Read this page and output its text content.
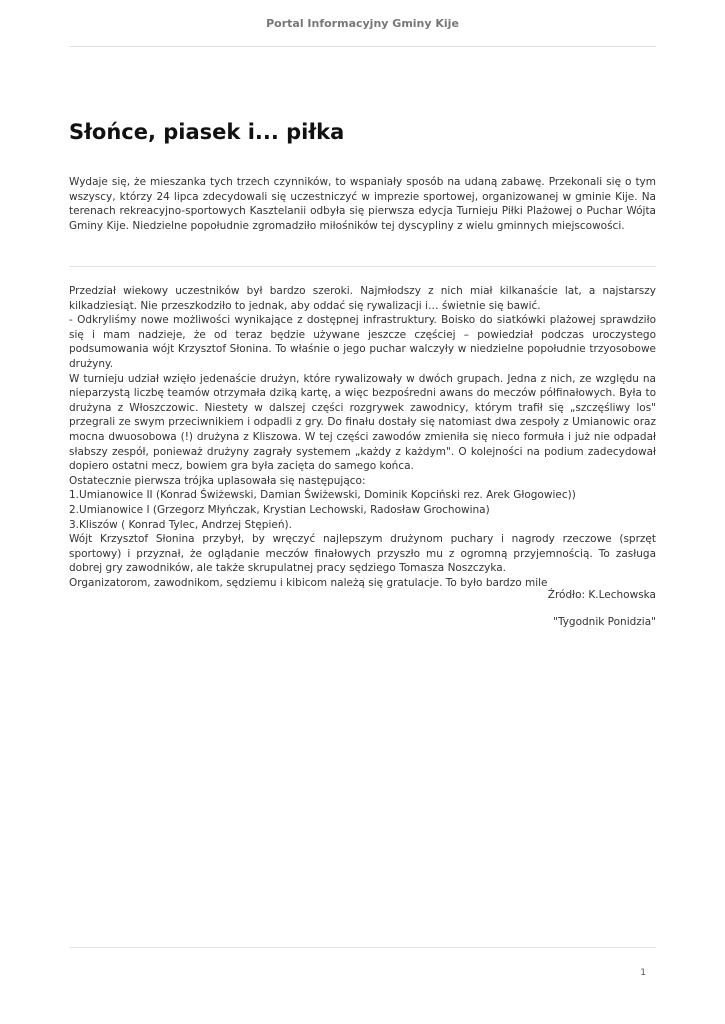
Portal Informacyjny Gminy Kije
Słońce, piasek i... piłka

Wydaje się, że mieszanka tych trzech czynników, to wspaniały sposób na udaną zabawę. Przekonali się o tym wszyscy, którzy 24 lipca zdecydowali się uczestniczyć w imprezie sportowej, organizowanej w gminie Kije. Na terenach rekreacyjno-sportowych Kasztelanii odbyła się pierwsza edycja Turnieju Piłki Plażowej o Puchar Wójta Gminy Kije. Niedzielne popołudnie zgromadziło miłośników tej dyscypliny z wielu gminnych miejscowości.

Przedział wiekowy uczestników był bardzo szeroki. Najmłodszy z nich miał kilkanaście lat, a najstarszy kilkadziesiąt. Nie przeszkodziło to jednak, aby oddać się rywalizacji i… świetnie się bawić.

- Odkryliśmy nowe możliwości wynikające z dostępnej infrastruktury. Boisko do siatkówki plażowej sprawdziło się i mam nadzieje, że od teraz będzie używane jeszcze częściej – powiedział podczas uroczystego podsumowania wójt Krzysztof Słonina. To właśnie o jego puchar walczyły w niedzielne popołudnie trzyosobowe drużyny.

W turnieju udział wzięło jedenaście drużyn, które rywalizowały w dwóch grupach. Jedna z nich, ze względu na nieparzystą liczbę teamów otrzymała dziką kartę, a więc bezpośredni awans do meczów półfinałowych. Była to drużyna z Włoszczowic. Niestety w dalszej części rozgrywek zawodnicy, którym trafił się „szczęśliwy los" przegrali ze swym przeciwnikiem i odpadli z gry. Do finału dostały się natomiast dwa zespoły z Umianowic oraz mocna dwuosobowa (!) drużyna z Kliszowa. W tej części zawodów zmieniła się nieco formuła i już nie odpadał słabszy zespół, ponieważ drużyny zagrały systemem „każdy z każdym". O kolejności na podium zadecydował dopiero ostatni mecz, bowiem gra była zacięta do samego końca.

Ostatecznie pierwsza trójka uplasowała się następująco:

1.Umianowice II (Konrad Świżewski, Damian Świżewski, Dominik Kopciński rez. Arek Głogowiec))

2.Umianowice I (Grzegorz Młyńczak, Krystian Lechowski, Radosław Grochowina)

3.Kliszów ( Konrad Tylec, Andrzej Stępień).

Wójt Krzysztof Słonina przybył, by wręczyć najlepszym drużynom puchary i nagrody rzeczowe (sprzęt sportowy) i przyznał, że oglądanie meczów finałowych przyszło mu z ogromną przyjemnością. To zasługa dobrej gry zawodników, ale także skrupulatnej pracy sędziego Tomasza Noszczyka.

Organizatorom, zawodnikom, sędziemu i kibicom należą się gratulacje. To było bardzo mile

Źródło: K.Lechowska
"Tygodnik Ponidzia"
1
